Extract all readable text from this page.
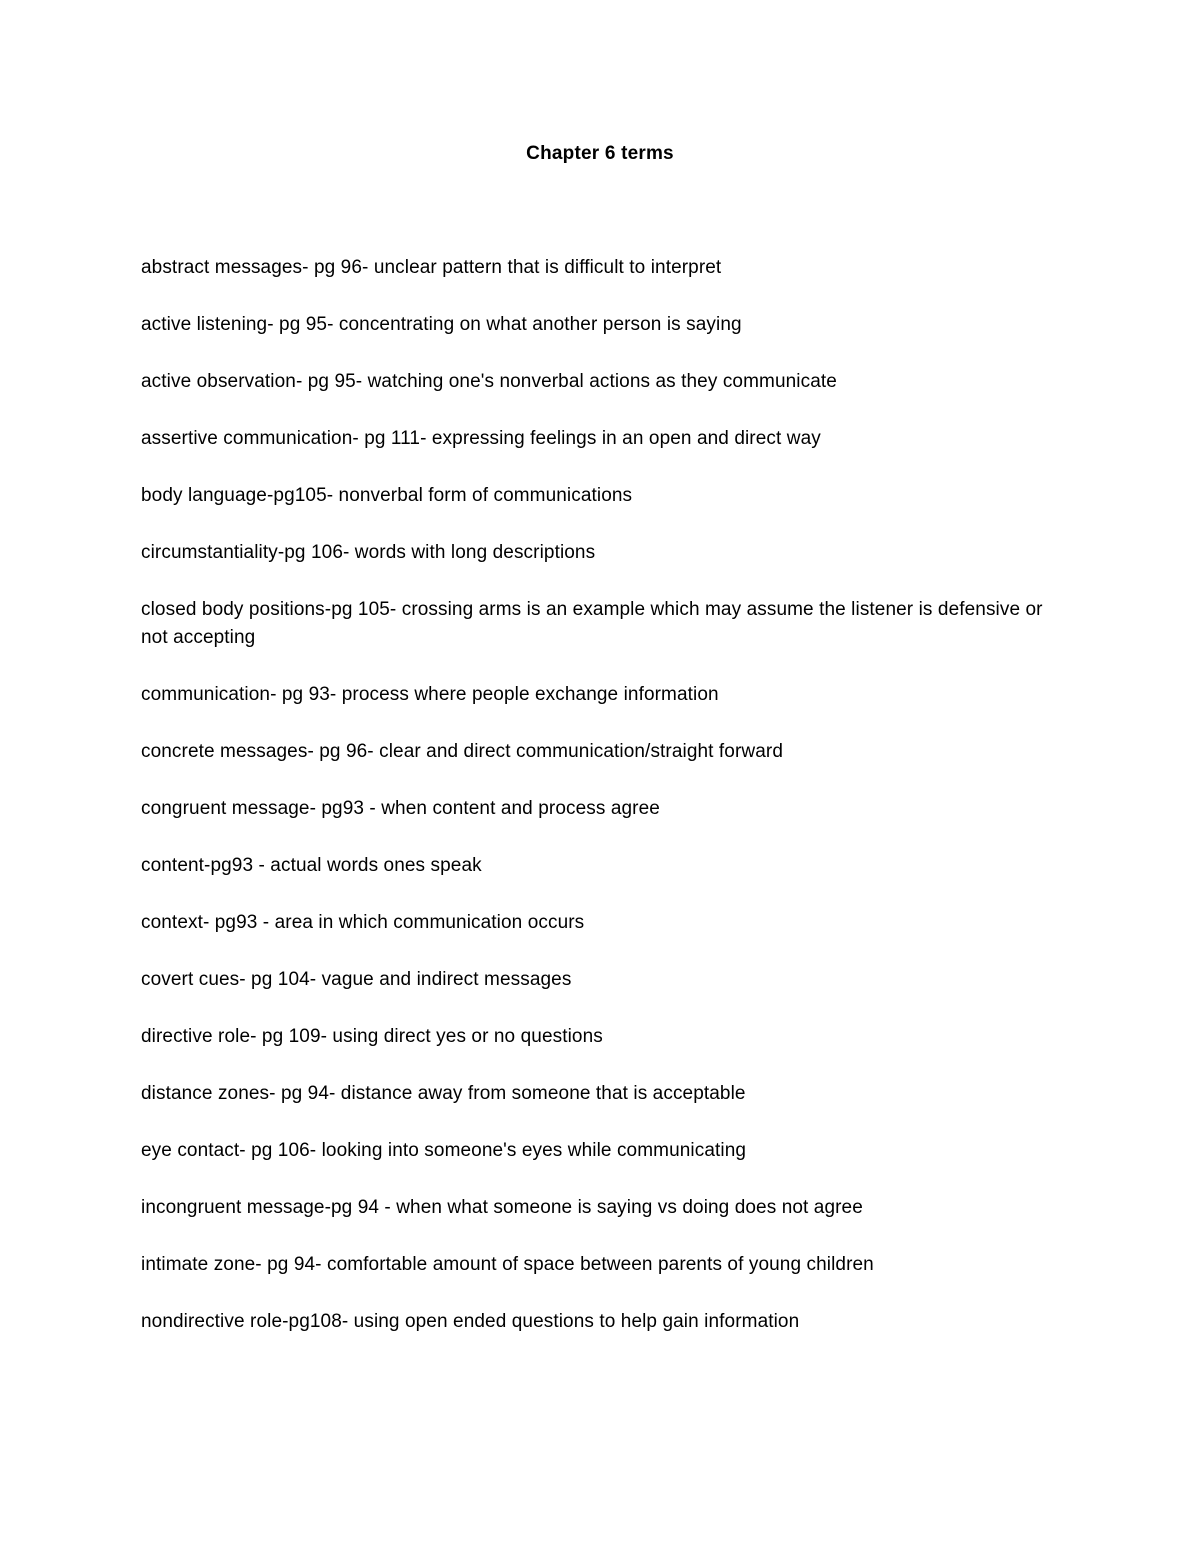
Chapter 6 terms
abstract messages- pg 96- unclear pattern that is difficult to interpret
active listening- pg 95- concentrating on what another person is saying
active observation- pg 95- watching one's nonverbal actions as they communicate
assertive communication- pg 111- expressing feelings in an open and direct way
body language-pg105- nonverbal form of communications
circumstantiality-pg 106- words with long descriptions
closed body positions-pg 105- crossing arms is an example which may assume the listener is defensive or not accepting
communication- pg 93- process where people exchange information
concrete messages- pg 96- clear and direct communication/straight forward
congruent message- pg93 - when content and process agree
content-pg93 - actual words ones speak
context- pg93 - area in which communication occurs
covert cues- pg 104- vague and indirect messages
directive role- pg 109- using direct yes or no questions
distance zones- pg 94- distance away from someone that is acceptable
eye contact- pg 106- looking into someone's eyes while communicating
incongruent message-pg 94 - when what someone is saying vs doing does not agree
intimate zone- pg 94- comfortable amount of space between parents of young children
nondirective role-pg108- using open ended questions to help gain information
